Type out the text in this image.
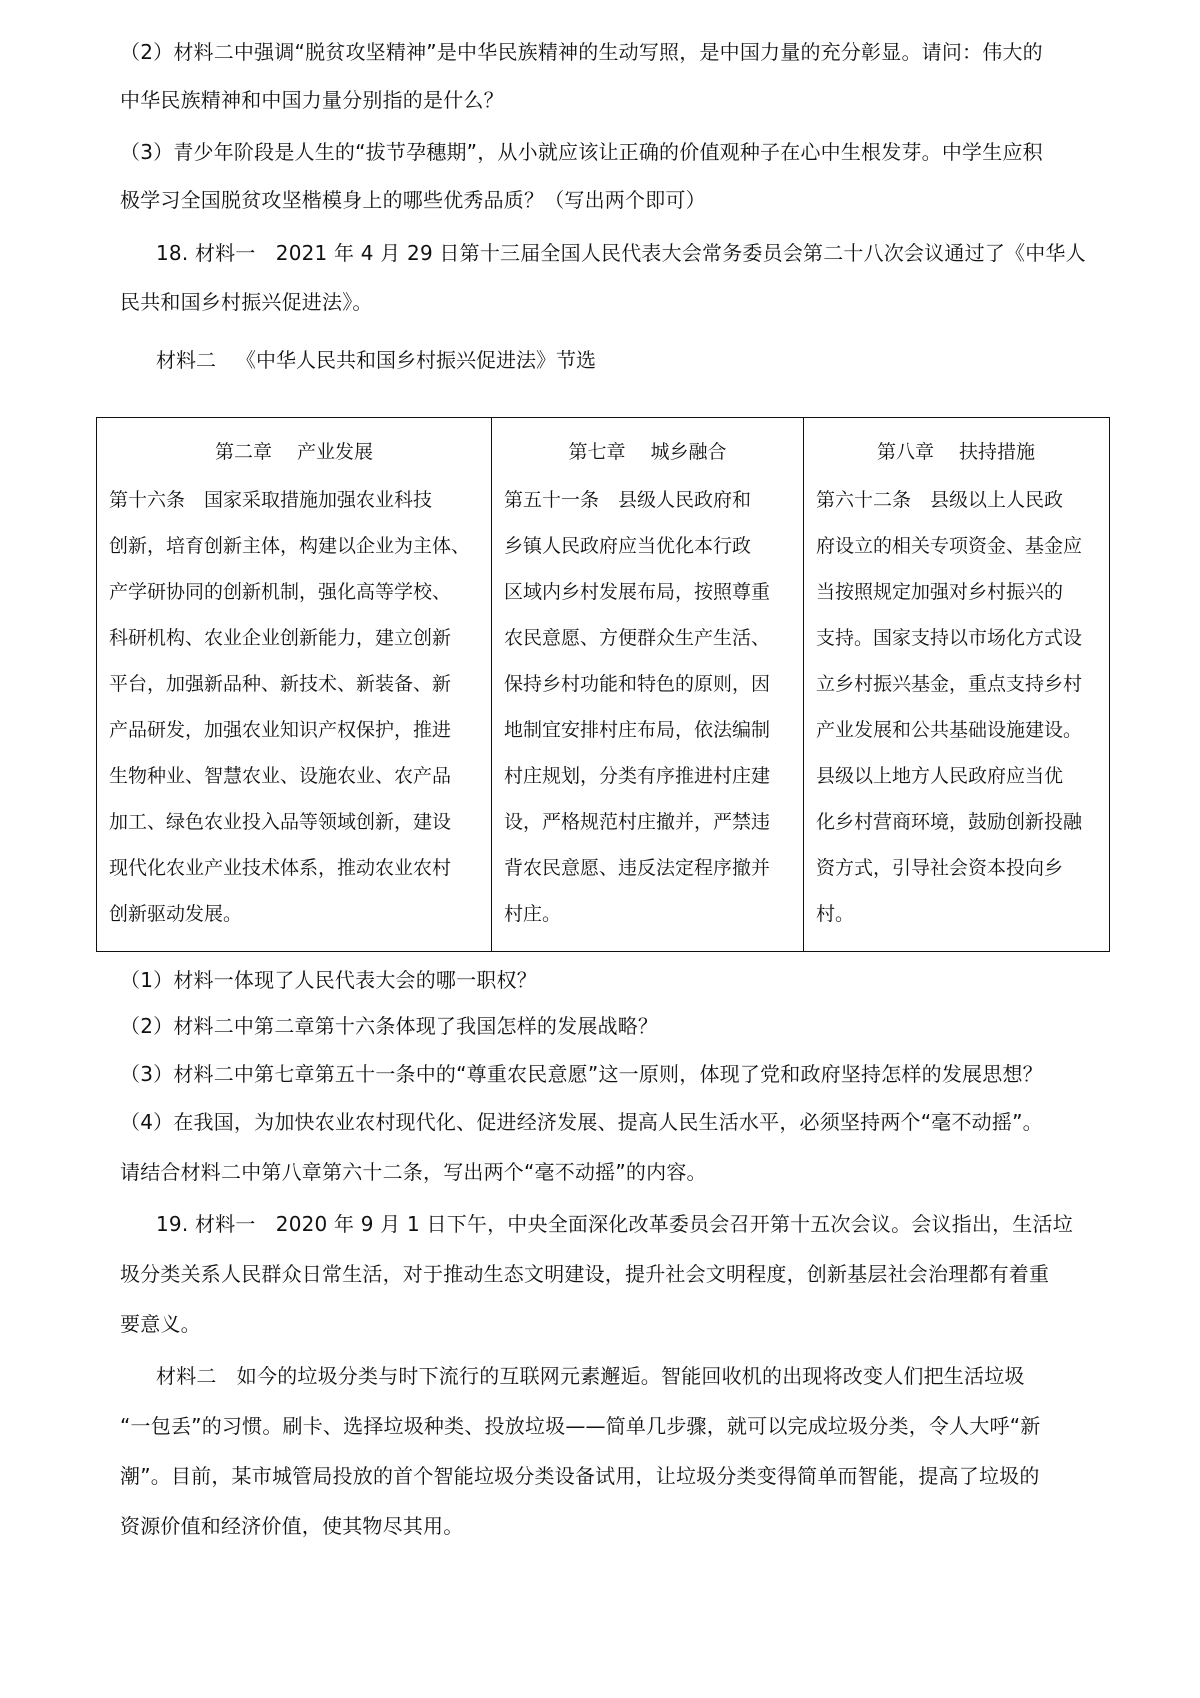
（2）材料二中强调“脱贫攻坚精神”是中华民族精神的生动写照，是中国力量的充分彰显。请问：伟大的
中华民族精神和中国力量分别指的是什么？
（3）青少年阶段是人生的“拔节孕穗期”，从小就应该让正确的价值观种子在心中生根发芽。中学生应积
极学习全国脱贫攻坚楷模身上的哪些优秀品质？（写出两个即可）
18. 材料一　2021 年 4 月 29 日第十三届全国人民代表大会常务委员会第二十八次会议通过了《中华人
民共和国乡村振兴促进法》。
材料二 《中华人民共和国乡村振兴促进法》节选
第二章　 产业发展
第十六条　国家采取措施加强农业科技
创新，培育创新主体，构建以企业为主体、
产学研协同的创新机制，强化高等学校、
科研机构、农业企业创新能力，建立创新
平台，加强新品种、新技术、新装备、新
产品研发，加强农业知识产权保护，推进
生物种业、智慧农业、设施农业、农产品
加工、绿色农业投入品等领域创新，建设
现代化农业产业技术体系，推动农业农村
创新驱动发展。
第七章　 城乡融合
第五十一条　县级人民政府和
乡镇人民政府应当优化本行政
区域内乡村发展布局，按照尊重
农民意愿、方便群众生产生活、
保持乡村功能和特色的原则，因
地制宜安排村庄布局，依法编制
村庄规划，分类有序推进村庄建
设，严格规范村庄撤并，严禁违
背农民意愿、违反法定程序撤并
村庄。
第八章　 扶持措施
第六十二条　县级以上人民政
府设立的相关专项资金、基金应
当按照规定加强对乡村振兴的
支持。国家支持以市场化方式设
立乡村振兴基金，重点支持乡村
产业发展和公共基础设施建设。
县级以上地方人民政府应当优
化乡村营商环境，鼓励创新投融
资方式，引导社会资本投向乡
村。
（1）材料一体现了人民代表大会的哪一职权？
（2）材料二中第二章第十六条体现了我国怎样的发展战略？
（3）材料二中第七章第五十一条中的“尊重农民意愿”这一原则，体现了党和政府坚持怎样的发展思想？
（4）在我国，为加快农业农村现代化、促进经济发展、提高人民生活水平，必须坚持两个“毫不动摇”。
请结合材料二中第八章第六十二条，写出两个“毫不动摇”的内容。
19. 材料一　2020 年 9 月 1 日下午，中央全面深化改革委员会召开第十五次会议。会议指出，生活垃
圾分类关系人民群众日常生活，对于推动生态文明建设，提升社会文明程度，创新基层社会治理都有着重
要意义。
材料二　如今的垃圾分类与时下流行的互联网元素邂逅。智能回收机的出现将改变人们把生活垃圾
“一包丢”的习惯。刷卡、选择垃圾种类、投放垃圾——简单几步骤，就可以完成垃圾分类，令人大呼“新
潮”。目前，某市城管局投放的首个智能垃圾分类设备试用，让垃圾分类变得简单而智能，提高了垃圾的
资源价值和经济价值，使其物尽其用。
